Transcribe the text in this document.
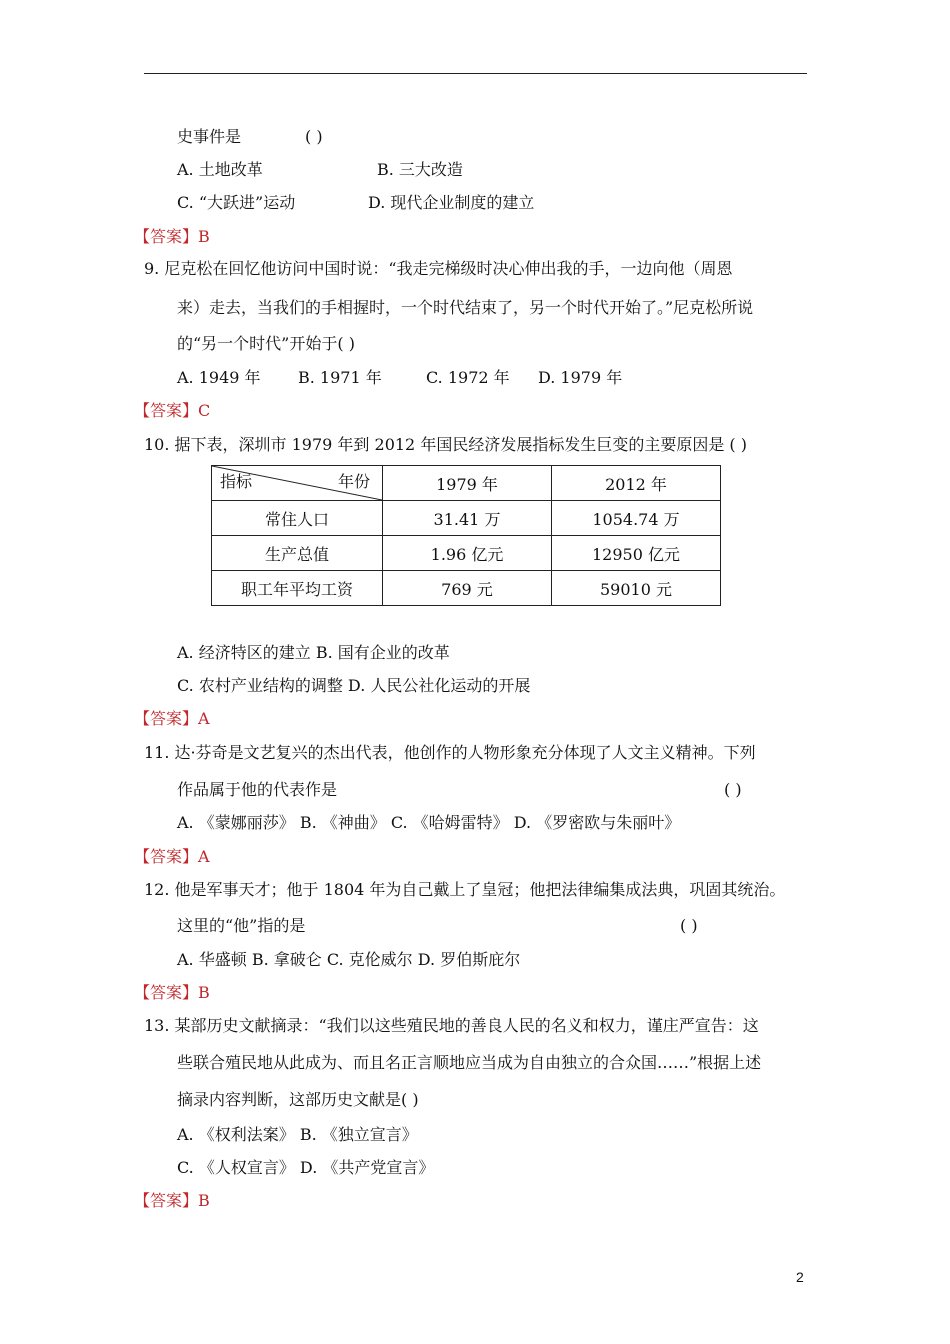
史事件是	( )
A. 土地改革	B. 三大改造
C. “大跃进”运动	D. 现代企业制度的建立
【答案】B
9. 尼克松在回忆他访问中国时说：“我走完梯级时决心伸出我的手，一边向他（周恩
来）走去，当我们的手相握时，一个时代结束了，另一个时代开始了。”尼克松所说
的“另一个时代”开始于( )
A. 1949 年 B. 1971 年	C. 1972 年 D. 1979 年
【答案】C
10. 据下表，深圳市 1979 年到 2012 年国民经济发展指标发生巨变的主要原因是 ( )
指标 年份	1979 年	2012 年
常住人口	31.41 万	1054.74 万
生产总值	1.96 亿元	12950 亿元
职工年平均工资	769 元	59010 元
A. 经济特区的建立 B. 国有企业的改革
C. 农村产业结构的调整 D. 人民公社化运动的开展
【答案】A
11. 达·芬奇是文艺复兴的杰出代表，他创作的人物形象充分体现了人文主义精神。下列
作品属于他的代表作是	( )
A. 《蒙娜丽莎》 B. 《神曲》 C. 《哈姆雷特》 D. 《罗密欧与朱丽叶》
【答案】A
12. 他是军事天才；他于 1804 年为自己戴上了皇冠；他把法律编集成法典，巩固其统治。
这里的“他”指的是	( )
A. 华盛顿 B. 拿破仑 C. 克伦威尔 D. 罗伯斯庇尔
【答案】B
13. 某部历史文献摘录：“我们以这些殖民地的善良人民的名义和权力，谨庄严宣告：这
些联合殖民地从此成为、而且名正言顺地应当成为自由独立的合众国……”根据上述
摘录内容判断，这部历史文献是( )
A. 《权利法案》 B. 《独立宣言》
C. 《人权宣言》 D. 《共产党宣言》
【答案】B
2
